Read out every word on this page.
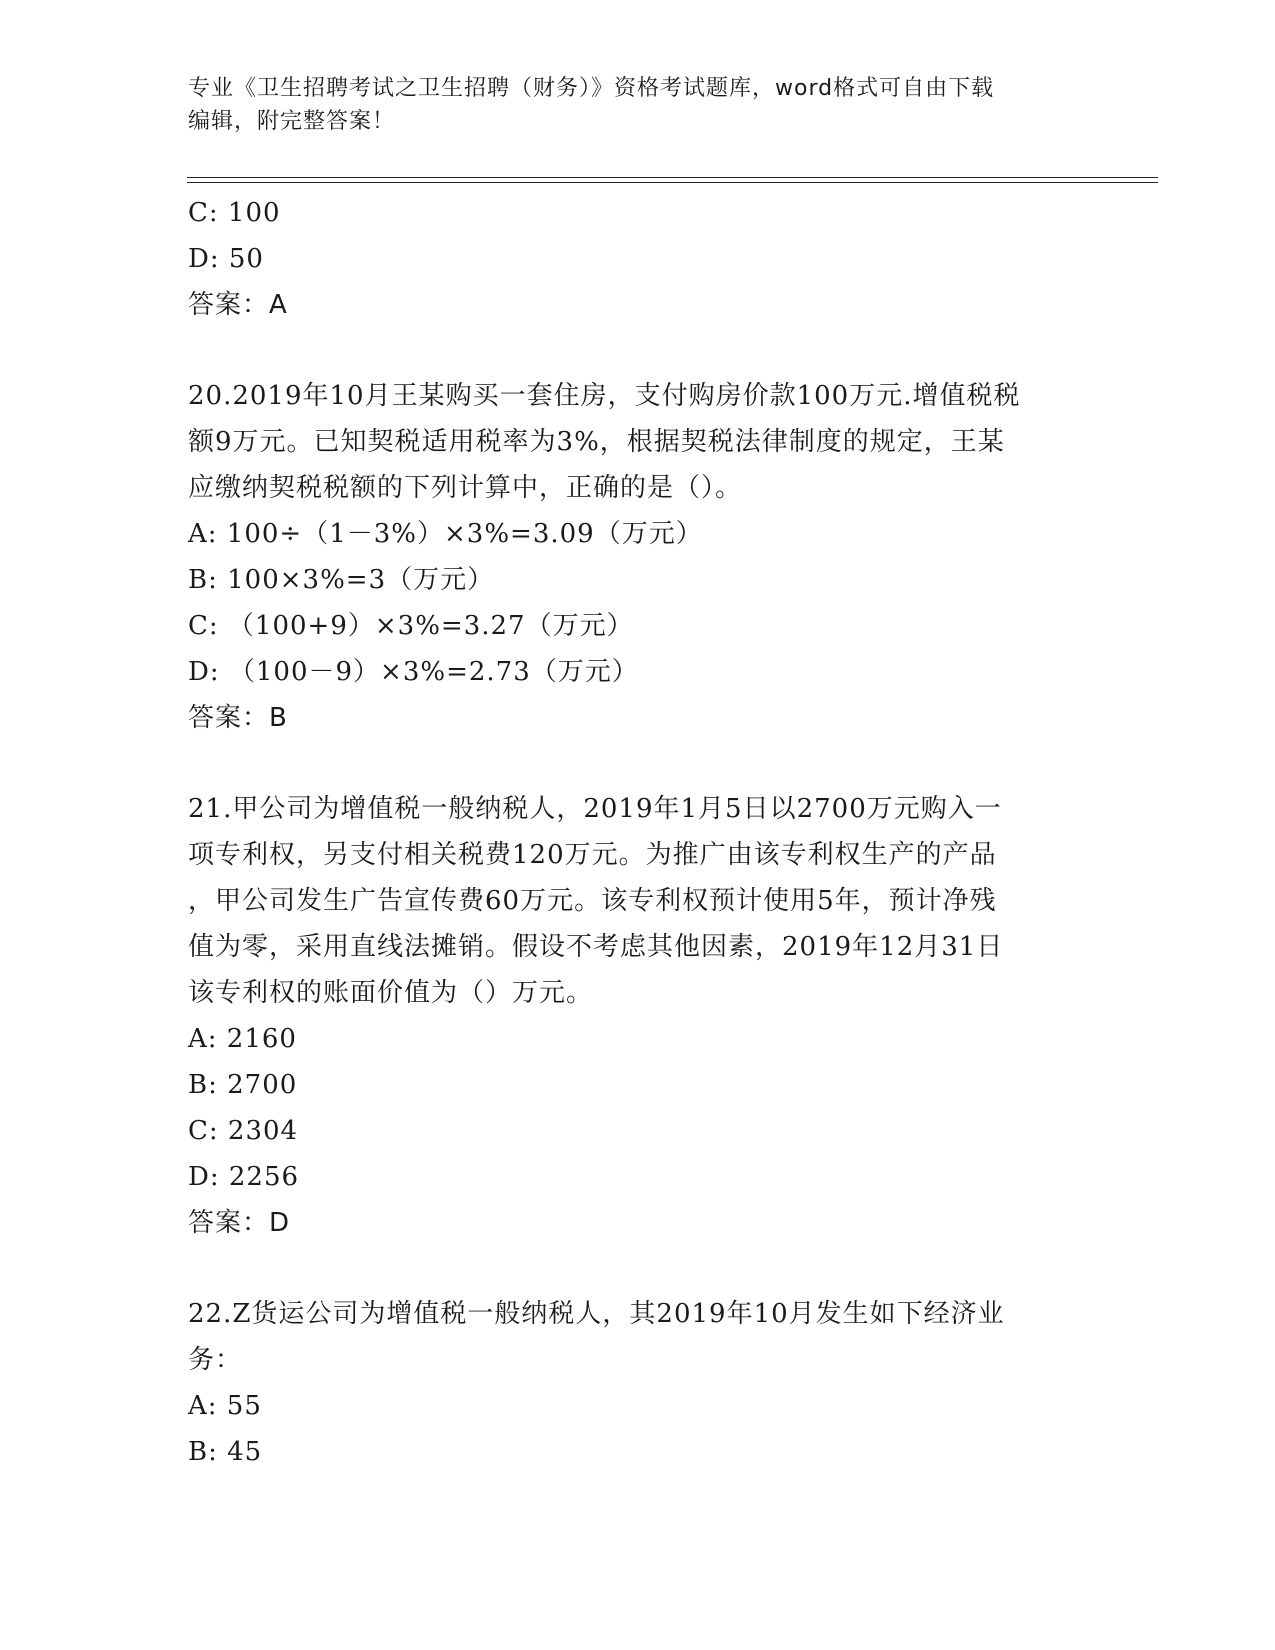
专业《卫生招聘考试之卫生招聘（财务）》资格考试题库，word格式可自由下载
编辑，附完整答案！
C: 100
D: 50
答案：A
20.2019年10月王某购买一套住房，支付购房价款100万元.增值税税
额9万元。已知契税适用税率为3%，根据契税法律制度的规定，王某
应缴纳契税税额的下列计算中，正确的是（）。
A: 100÷（1－3%）×3%=3.09（万元）
B: 100×3%=3（万元）
C: （100+9）×3%=3.27（万元）
D: （100－9）×3%=2.73（万元）
答案：B
21.甲公司为增值税一般纳税人，2019年1月5日以2700万元购入一
项专利权，另支付相关税费120万元。为推广由该专利权生产的产品
，甲公司发生广告宣传费60万元。该专利权预计使用5年，预计净残
值为零，采用直线法摊销。假设不考虑其他因素，2019年12月31日
该专利权的账面价值为（）万元。
A: 2160
B: 2700
C: 2304
D: 2256
答案：D
22.Z货运公司为增值税一般纳税人，其2019年10月发生如下经济业
务：
A: 55
B: 45
